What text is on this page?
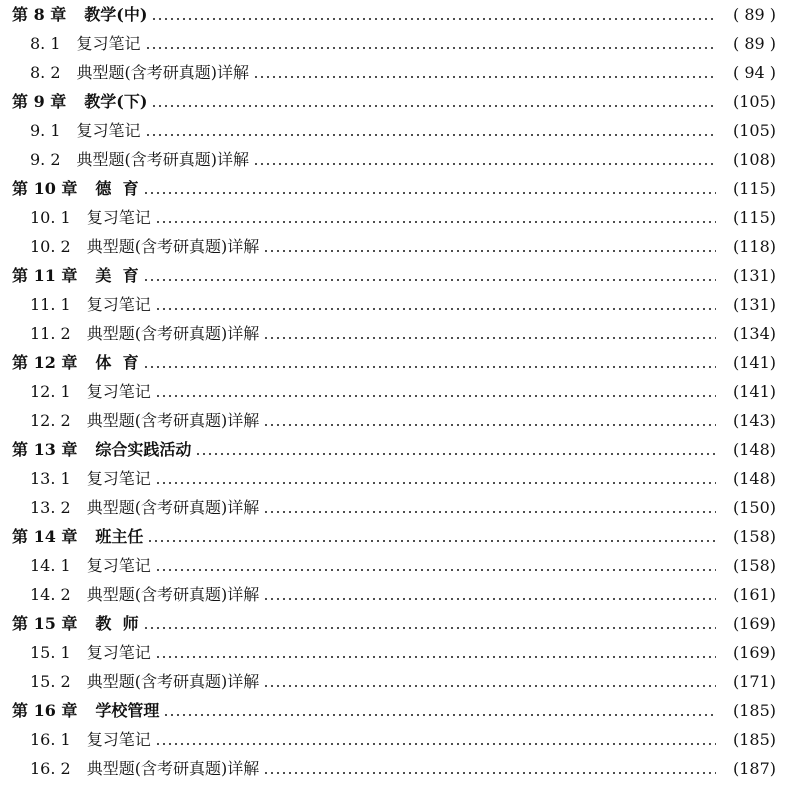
第 8 章 教学(中)	( 89 )
8. 1 复习笔记	( 89 )
8. 2 典型题(含考研真题)详解	( 94 )
第 9 章 教学(下)	(105)
9. 1 复习笔记	(105)
9. 2 典型题(含考研真题)详解	(108)
第 10 章 德  育	(115)
10. 1 复习笔记	(115)
10. 2 典型题(含考研真题)详解	(118)
第 11 章 美  育	(131)
11. 1 复习笔记	(131)
11. 2 典型题(含考研真题)详解	(134)
第 12 章 体  育	(141)
12. 1 复习笔记	(141)
12. 2 典型题(含考研真题)详解	(143)
第 13 章 综合实践活动	(148)
13. 1 复习笔记	(148)
13. 2 典型题(含考研真题)详解	(150)
第 14 章 班主任	(158)
14. 1 复习笔记	(158)
14. 2 典型题(含考研真题)详解	(161)
第 15 章 教  师	(169)
15. 1 复习笔记	(169)
15. 2 典型题(含考研真题)详解	(171)
第 16 章 学校管理	(185)
16. 1 复习笔记	(185)
16. 2 典型题(含考研真题)详解	(187)
